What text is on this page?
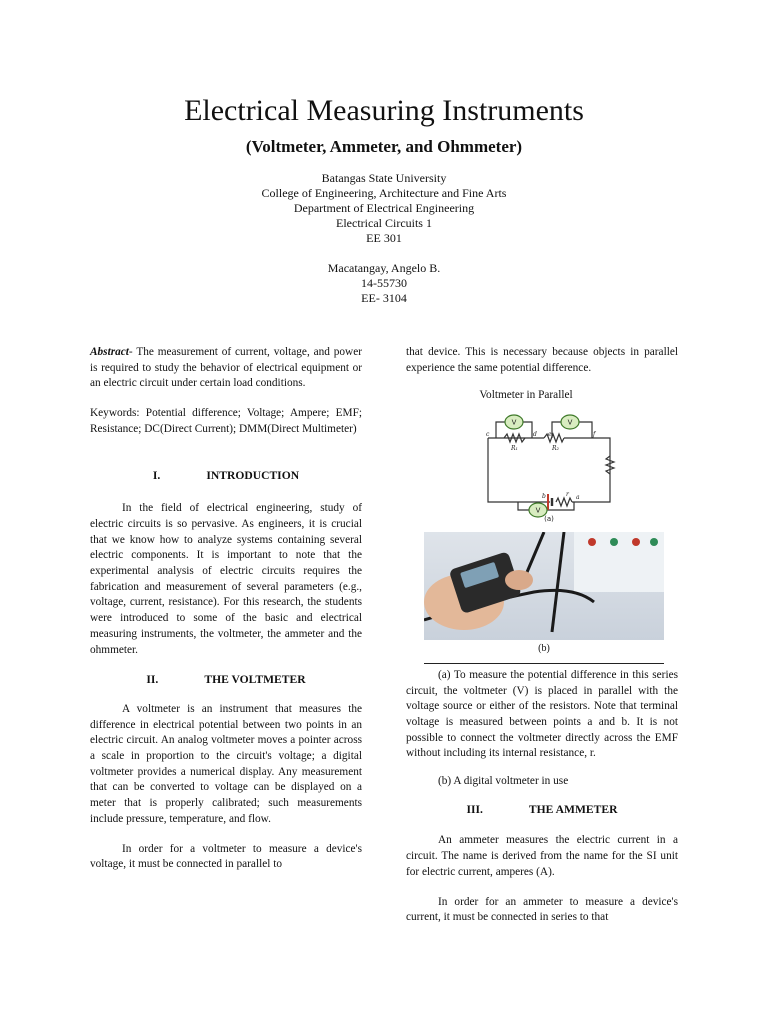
Electrical Measuring Instruments
(Voltmeter, Ammeter, and Ohmmeter)
Batangas State University
College of Engineering, Architecture and Fine Arts
Department of Electrical Engineering
Electrical Circuits 1
EE 301
Macatangay, Angelo B.
14-55730
EE- 3104

Abstract- The measurement of current, voltage, and power is required to study the behavior of electrical equipment or an electric circuit under certain load conditions.

Keywords: Potential difference; Voltage; Ampere; EMF; Resistance; DC(Direct Current); DMM(Direct Multimeter)

I.	INTRODUCTION

In the field of electrical engineering, study of electric circuits is so pervasive. As engineers, it is crucial that we know how to analyze systems containing several electric components. It is important to note that the experimental analysis of electric circuits requires the fabrication and measurement of several parameters (e.g., voltage, current, resistance). For this research, the students were introduced to some of the basic and electrical measuring instruments, the voltmeter, the ammeter and the ohmmeter.

II.	THE VOLTMETER

A voltmeter is an instrument that measures the difference in electrical potential between two points in an electric circuit. An analog voltmeter moves a pointer across a scale in proportion to the circuit's voltage; a digital voltmeter provides a numerical display. Any measurement that can be converted to voltage can be displayed on a meter that is properly calibrated; such measurements include pressure, temperature, and flow.

In order for a voltmeter to measure a device's voltage, it must be connected in parallel to

that device. This is necessary because objects in parallel experience the same potential difference.

Voltmeter in Parallel
V	V
V
c	d e	f
R₁	R₂
b	a
r
(a)
(b)

(a) To measure the potential difference in this series circuit, the voltmeter (V) is placed in parallel with the voltage source or either of the resistors. Note that terminal voltage is measured between points a and b. It is not possible to connect the voltmeter directly across the EMF without including its internal resistance, r.

(b) A digital voltmeter in use

III.	THE AMMETER

An ammeter measures the electric current in a circuit. The name is derived from the name for the SI unit for electric current, amperes (A).

In order for an ammeter to measure a device's current, it must be connected in series to that
